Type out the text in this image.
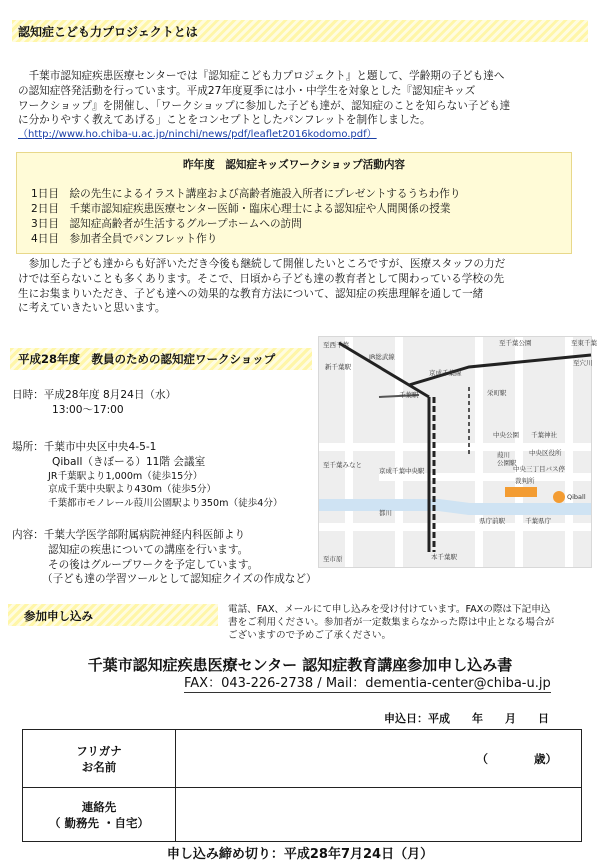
認知症こども力プロジェクトとは
　千葉市認知症疾患医療センターでは『認知症こども力プロジェクト』と題して、学齢期の子ども達へ
の認知症啓発活動を行っています。平成27年度夏季には小・中学生を対象とした『認知症キッズ
ワークショップ』を開催し、「ワークショップに参加した子ども達が、認知症のことを知らない子ども達
に分かりやすく教えてあげる」ことをコンセプトとしたパンフレットを制作しました。
（http://www.ho.chiba-u.ac.jp/ninchi/news/pdf/leaflet2016kodomo.pdf）
昨年度　認知症キッズワークショップ活動内容
1日目　絵の先生によるイラスト講座および高齢者施設入所者にプレゼントするうちわ作り
2日目　千葉市認知症疾患医療センター医師・臨床心理士による認知症や人間関係の授業
3日目　認知症高齢者が生活するグループホームへの訪問
4日目　参加者全員でパンフレット作り
　参加した子ども達からも好評いただき今後も継続して開催したいところですが、医療スタッフの力だ
けでは至らないことも多くあります。そこで、日頃から子ども達の教育者として関わっている学校の先
生にお集まりいただき、子ども達への効果的な教育方法について、認知症の疾患理解を通して一緒
に考えていきたいと思います。
平成28年度　教員のための認知症ワークショップ
日時：平成28年度 8月24日（水）
13:00～17:00
場所：千葉市中央区中央4-5-1
Qiball（きぼーる）11階 会議室
JR千葉駅より1,000m（徒歩15分）
京成千葉中央駅より430m（徒歩5分）
千葉都市モノレール葭川公園駅より350m（徒歩4分）
内容：千葉大学医学部附属病院神経内科医師より
認知症の疾患についての講座を行います。
その後はグループワークを予定しています。
（子ども達の学習ツールとして認知症クイズの作成など）
至西千葉
新千葉駅
JR総武線
千葉駅
京成千葉線
至千葉公園	至東千葉
至穴川
栄町駅
中央公園 千葉神社
葭川
公園駅
至千葉みなと
京成千葉中央駅
中央区役所
中央三丁目バス停
裁判所
Qiball
都川
県庁前駅	千葉県庁
本千葉駅
至市原
参加申し込み	電話、FAX、メールにて申し込みを受け付けています。FAXの際は下記申込
書をご利用ください。参加者が一定数集まらなかった際は中止となる場合が
ございますので予めご了承ください。
千葉市認知症疾患医療センター 認知症教育講座参加申し込み書
FAX：043-226-2738 / Mail：dementia-center@chiba-u.jp
申込日：平成　　年　　月　　日
フリガナ
お名前	（　　　　歳）

連絡先
（ 勤務先 ・自宅）	

申し込み締め切り：平成28年7月24日（月）
